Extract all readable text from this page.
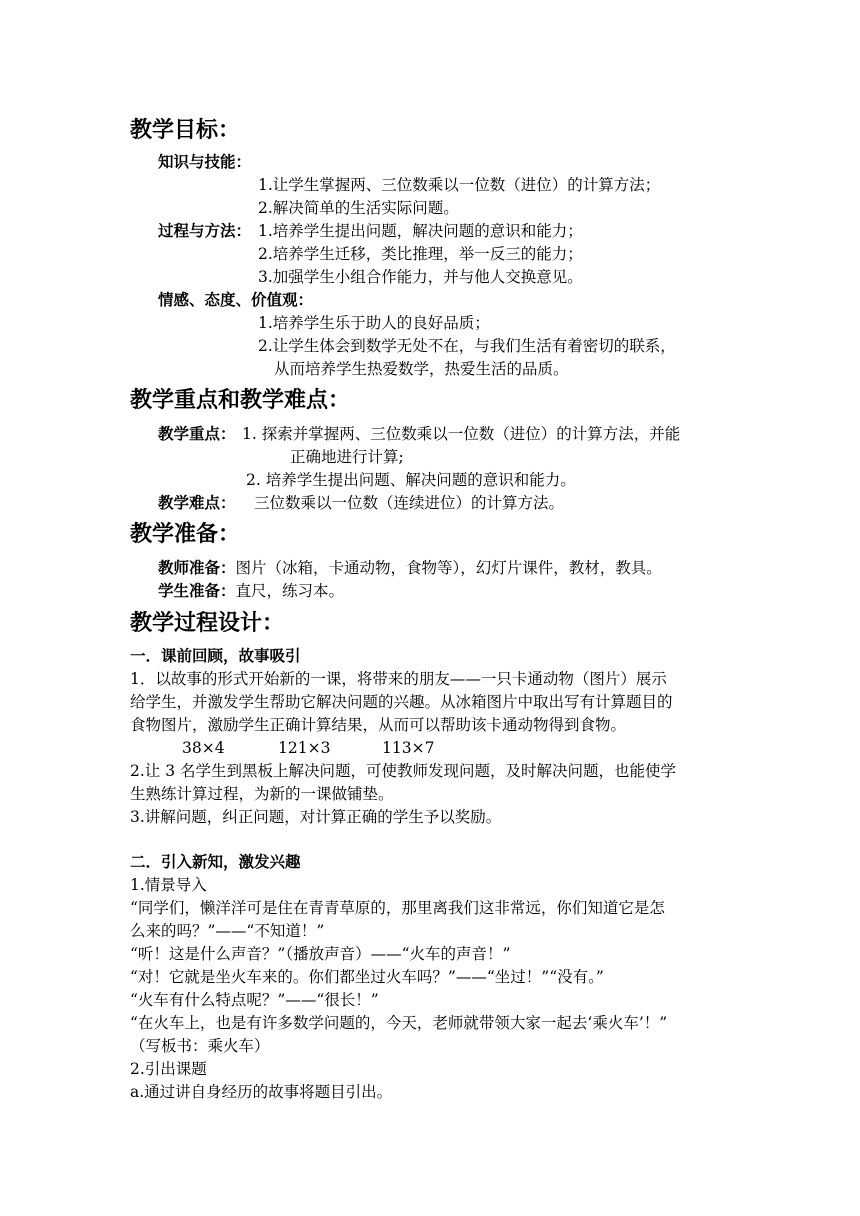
教学目标：
知识与技能：
1.让学生掌握两、三位数乘以一位数（进位）的计算方法；
2.解决简单的生活实际问题。
过程与方法： 1.培养学生提出问题，解决问题的意识和能力；
2.培养学生迁移，类比推理，举一反三的能力；
3.加强学生小组合作能力，并与他人交换意见。
情感、态度、价值观：
1.培养学生乐于助人的良好品质；
2.让学生体会到数学无处不在，与我们生活有着密切的联系，
从而培养学生热爱数学，热爱生活的品质。
教学重点和教学难点：
教学重点： 1. 探索并掌握两、三位数乘以一位数（进位）的计算方法，并能
正确地进行计算;
2. 培养学生提出问题、解决问题的意识和能力。
教学难点： 三位数乘以一位数（连续进位）的计算方法。
教学准备：
教师准备：图片（冰箱，卡通动物，食物等），幻灯片课件，教材，教具。
学生准备：直尺，练习本。
教学过程设计：
一．课前回顾，故事吸引
1．以故事的形式开始新的一课，将带来的朋友——一只卡通动物（图片）展示
给学生，并激发学生帮助它解决问题的兴趣。从冰箱图片中取出写有计算题目的
食物图片，激励学生正确计算结果，从而可以帮助该卡通动物得到食物。
38×4	121×3	113×7
2.让 3 名学生到黑板上解决问题，可使教师发现问题，及时解决问题，也能使学
生熟练计算过程，为新的一课做铺垫。
3.讲解问题，纠正问题，对计算正确的学生予以奖励。
二．引入新知，激发兴趣
1.情景导入
“同学们，懒洋洋可是住在青青草原的，那里离我们这非常远，你们知道它是怎
么来的吗？”——“不知道！”
“听！这是什么声音？”（播放声音）——“火车的声音！”
“对！它就是坐火车来的。你们都坐过火车吗？”——“坐过！”“没有。”
“火车有什么特点呢？”——“很长！”
“在火车上，也是有许多数学问题的，今天，老师就带领大家一起去‘乘火车’！”
（写板书：乘火车）
2.引出课题
a.通过讲自身经历的故事将题目引出。
